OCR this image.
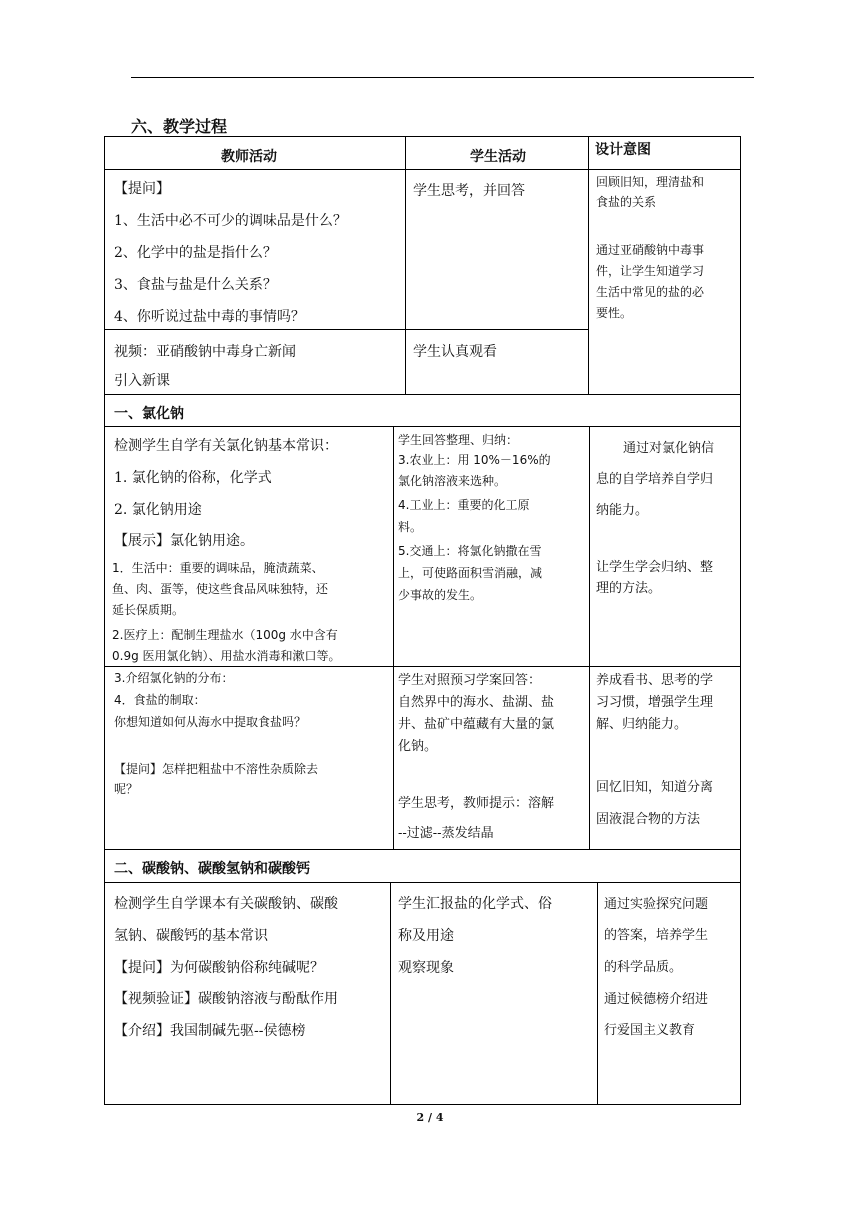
六、教学过程
教师活动	学生活动	设计意图
【提问】
1、生活中必不可少的调味品是什么？
2、化学中的盐是指什么？
3、食盐与盐是什么关系？
4、你听说过盐中毒的事情吗？
学生思考，并回答
回顾旧知，理清盐和
食盐的关系
通过亚硝酸钠中毒事
件，让学生知道学习
生活中常见的盐的必
要性。
视频：亚硝酸钠中毒身亡新闻
引入新课
学生认真观看
一、氯化钠
检测学生自学有关氯化钠基本常识：
1. 氯化钠的俗称，化学式
2. 氯化钠用途
【展示】氯化钠用途。
1．生活中：重要的调味品，腌渍蔬菜、
鱼、肉、蛋等，使这些食品风味独特，还
延长保质期。
2.医疗上：配制生理盐水（100g 水中含有
0.9g 医用氯化钠）、用盐水消毒和漱口等。
学生回答整理、归纳：
3.农业上：用 10%－16%的
氯化钠溶液来选种。
4.工业上：重要的化工原
料。
5.交通上：将氯化钠撒在雪
上，可使路面积雪消融，减
少事故的发生。
通过对氯化钠信
息的自学培养自学归
纳能力。
让学生学会归纳、整
理的方法。
3.介绍氯化钠的分布：
4．食盐的制取：
你想知道如何从海水中提取食盐吗？
【提问】怎样把粗盐中不溶性杂质除去
呢？
学生对照预习学案回答：
自然界中的海水、盐湖、盐
井、盐矿中蕴藏有大量的氯
化钠。
学生思考，教师提示：溶解
--过滤--蒸发结晶
养成看书、思考的学
习习惯，增强学生理
解、归纳能力。
回忆旧知，知道分离
固液混合物的方法
二、碳酸钠、碳酸氢钠和碳酸钙
检测学生自学课本有关碳酸钠、碳酸
氢钠、碳酸钙的基本常识
【提问】为何碳酸钠俗称纯碱呢？
【视频验证】碳酸钠溶液与酚酞作用
【介绍】我国制碱先驱--侯德榜
学生汇报盐的化学式、俗
称及用途
观察现象
通过实验探究问题
的答案，培养学生
的科学品质。
通过候德榜介绍进
行爱国主义教育
2 / 4
